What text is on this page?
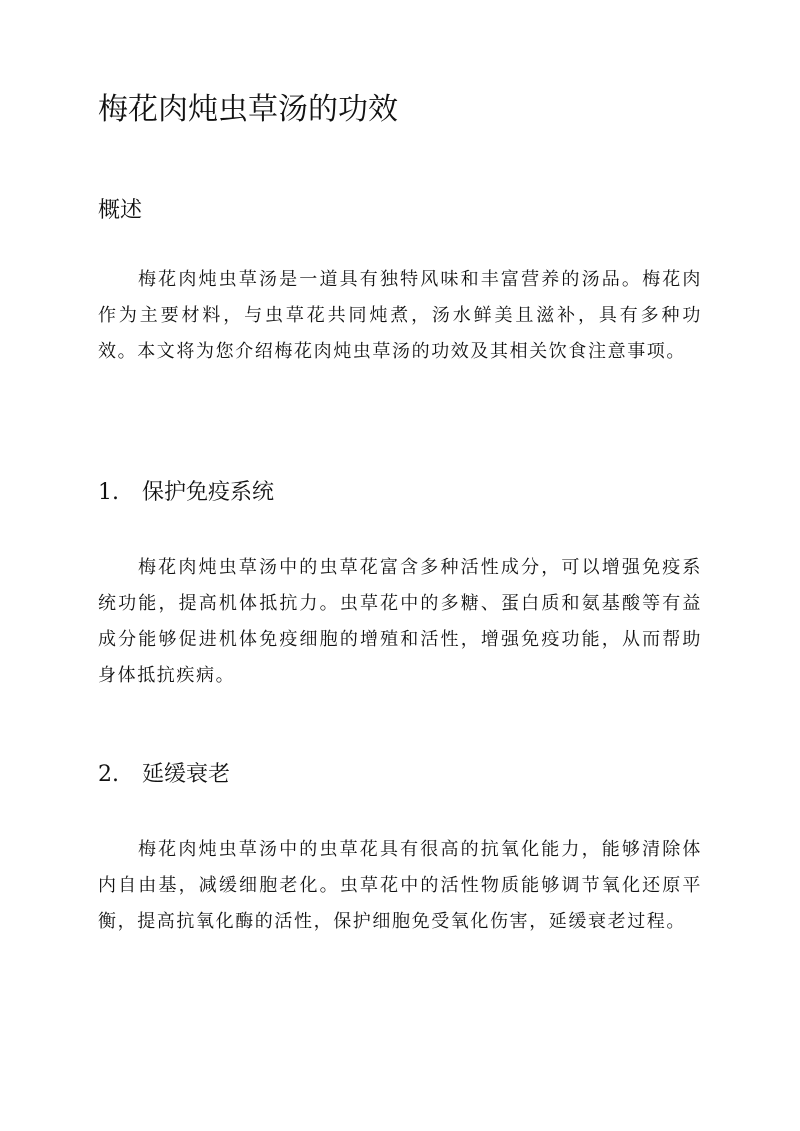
梅花肉炖虫草汤的功效
概述

梅花肉炖虫草汤是一道具有独特风味和丰富营养的汤品。梅花肉作为主要材料，与虫草花共同炖煮，汤水鲜美且滋补，具有多种功效。本文将为您介绍梅花肉炖虫草汤的功效及其相关饮食注意事项。

1. 保护免疫系统

梅花肉炖虫草汤中的虫草花富含多种活性成分，可以增强免疫系统功能，提高机体抵抗力。虫草花中的多糖、蛋白质和氨基酸等有益成分能够促进机体免疫细胞的增殖和活性，增强免疫功能，从而帮助身体抵抗疾病。

2. 延缓衰老

梅花肉炖虫草汤中的虫草花具有很高的抗氧化能力，能够清除体内自由基，减缓细胞老化。虫草花中的活性物质能够调节氧化还原平衡，提高抗氧化酶的活性，保护细胞免受氧化伤害，延缓衰老过程。
